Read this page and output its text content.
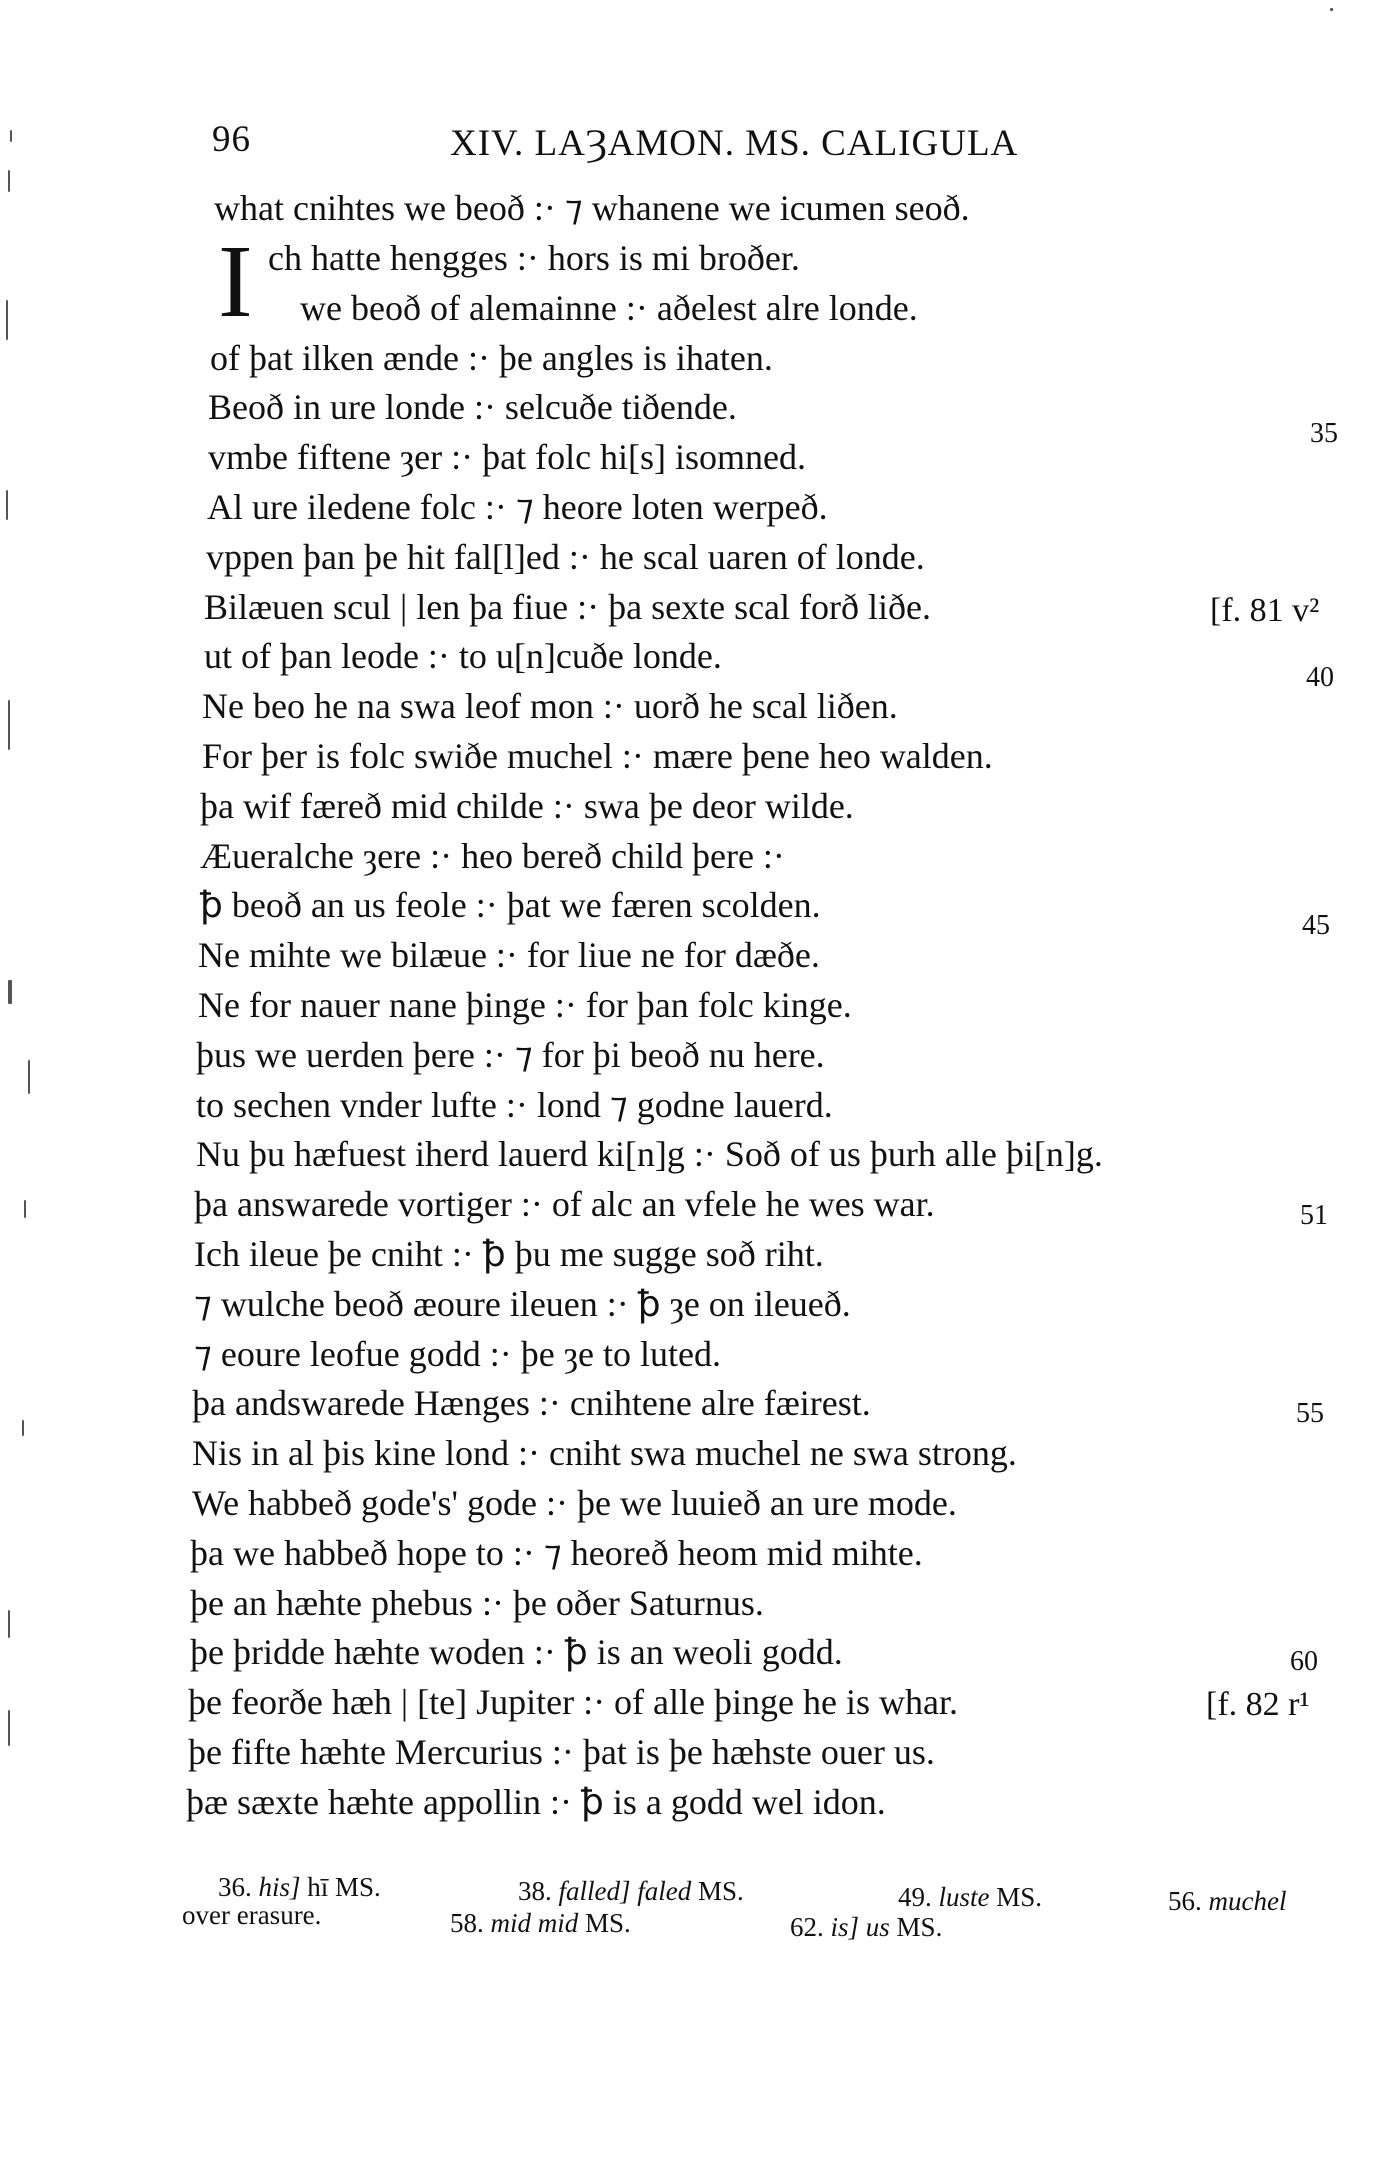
96	XIV. LAȜAMON. MS. CALIGULA
I
what cnihtes we beoð :· ⁊ whanene we icumen seoð.
ch hatte hengges :· hors is mi broðer.
we beoð of alemainne :· aðelest alre londe.
of þat ilken ænde :· þe angles is ihaten.
Beoð in ure londe :· selcuðe tiðende.
vmbe fiftene ȝer :· þat folc hi[s] isomned.
Al ure iledene folc :· ⁊ heore loten werpeð.
vppen þan þe hit fal[l]ed :· he scal uaren of londe.
Bilæuen scul | len þa fiue :· þa sexte scal forð liðe.
ut of þan leode :· to u[n]cuðe londe.
Ne beo he na swa leof mon :· uorð he scal liðen.
For þer is folc swiðe muchel :· mære þene heo walden.
þa wif færeð mid childe :· swa þe deor wilde.
Æueralche ȝere :· heo bereð child þere :·
ꝥ beoð an us feole :· þat we færen scolden.
Ne mihte we bilæue :· for liue ne for dæðe.
Ne for nauer nane þinge :· for þan folc kinge.
þus we uerden þere :· ⁊ for þi beoð nu here.
to sechen vnder lufte :· lond ⁊ godne lauerd.
Nu þu hæfuest iherd lauerd ki[n]g :· Soð of us þurh alle þi[n]g.
þa answarede vortiger :· of alc an vfele he wes war.
Ich ileue þe cniht :· ꝥ þu me sugge soð riht.
⁊ wulche beoð æoure ileuen :· ꝥ ȝe on ileueð.
⁊ eoure leofue godd :· þe ȝe to luted.
þa andswarede Hænges :· cnihtene alre fæirest.
Nis in al þis kine lond :· cniht swa muchel ne swa strong.
We habbeð gode's' gode :· þe we luuieð an ure mode.
þa we habbeð hope to :· ⁊ heoreð heom mid mihte.
þe an hæhte phebus :· þe oðer Saturnus.
þe þridde hæhte woden :· ꝥ is an weoli godd.
þe feorðe hæh | [te] Jupiter :· of alle þinge he is whar.
þe fifte hæhte Mercurius :· þat is þe hæhste ouer us.
þæ sæxte hæhte appollin :· ꝥ is a godd wel idon.
35
40
45
51
55
60
[f. 81 v²
[f. 82 r¹
36. his] hī MS.
over erasure.
38. falled] faled MS.
58. mid mid MS.
49. luste MS.
62. is] us MS.
56. muchel
